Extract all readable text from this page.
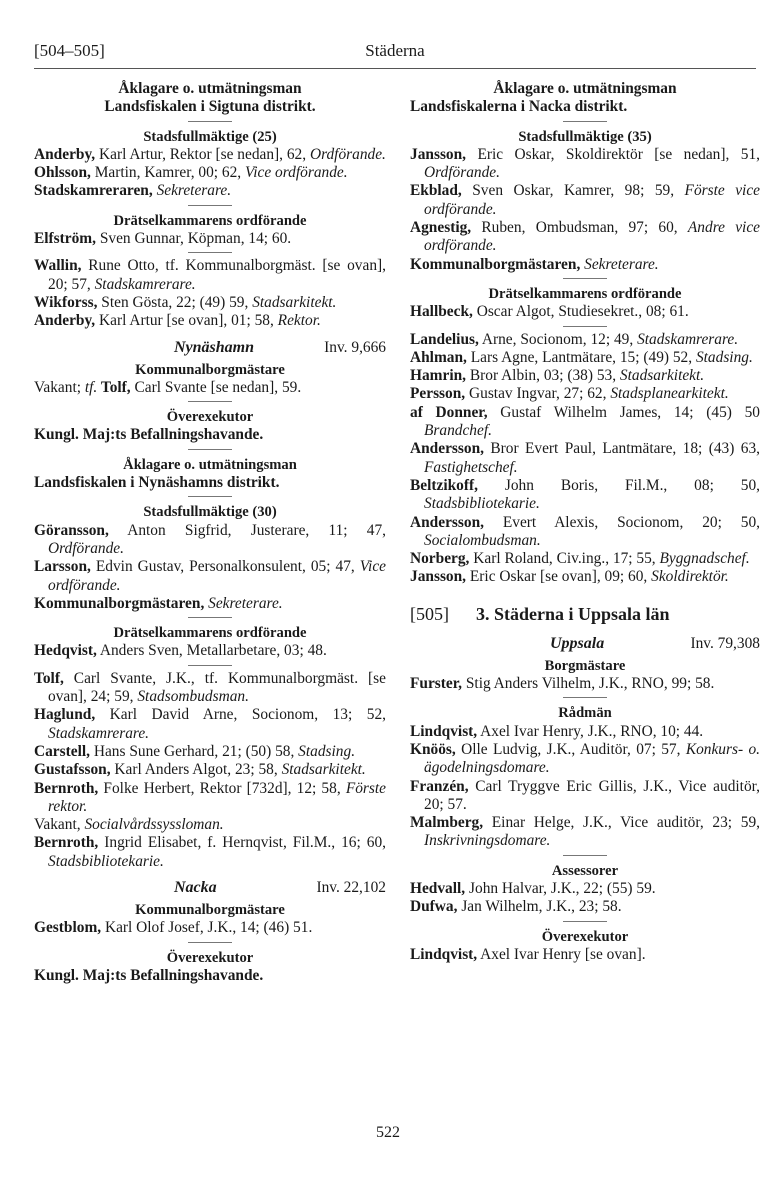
[504–505]	Städerna
Åklagare o. utmätningsman
Landsfiskalen i Sigtuna distrikt.
Stadsfullmäktige (25)
Anderby, Karl Artur, Rektor [se nedan], 62, Ordförande.
Ohlsson, Martin, Kamrer, 00; 62, Vice ordförande.
Stadskamreraren, Sekreterare.
Drätselkammarens ordförande
Elfström, Sven Gunnar, Köpman, 14; 60.
Wallin, Rune Otto, tf. Kommunalborgmäst. [se ovan], 20; 57, Stadskamrerare.
Wikforss, Sten Gösta, 22; (49) 59, Stadsarkitekt.
Anderby, Karl Artur [se ovan], 01; 58, Rektor.
Nynäshamn	Inv. 9,666
Kommunalborgmästare
Vakant; tf. Tolf, Carl Svante [se nedan], 59.
Överexekutor
Kungl. Maj:ts Befallningshavande.
Åklagare o. utmätningsman
Landsfiskalen i Nynäshamns distrikt.
Stadsfullmäktige (30)
Göransson, Anton Sigfrid, Justerare, 11; 47, Ordförande.
Larsson, Edvin Gustav, Personalkonsulent, 05; 47, Vice ordförande.
Kommunalborgmästaren, Sekreterare.
Drätselkammarens ordförande
Hedqvist, Anders Sven, Metallarbetare, 03; 48.
Tolf, Carl Svante, J.K., tf. Kommunalborgmäst. [se ovan], 24; 59, Stadsombudsman.
Haglund, Karl David Arne, Socionom, 13; 52, Stadskamrerare.
Carstell, Hans Sune Gerhard, 21; (50) 58, Stadsing.
Gustafsson, Karl Anders Algot, 23; 58, Stadsarkitekt.
Bernroth, Folke Herbert, Rektor [732d], 12; 58, Förste rektor.
Vakant, Socialvårdssyssloman.
Bernroth, Ingrid Elisabet, f. Hernqvist, Fil.M., 16; 60, Stadsbibliotekarie.
Nacka	Inv. 22,102
Kommunalborgmästare
Gestblom, Karl Olof Josef, J.K., 14; (46) 51.
Överexekutor
Kungl. Maj:ts Befallningshavande.
Åklagare o. utmätningsman
Landsfiskalerna i Nacka distrikt.
Stadsfullmäktige (35)
Jansson, Eric Oskar, Skoldirektör [se nedan], 51, Ordförande.
Ekblad, Sven Oskar, Kamrer, 98; 59, Förste vice ordförande.
Agnestig, Ruben, Ombudsman, 97; 60, Andre vice ordförande.
Kommunalborgmästaren, Sekreterare.
Drätselkammarens ordförande
Hallbeck, Oscar Algot, Studiesekret., 08; 61.
Landelius, Arne, Socionom, 12; 49, Stadskamrerare.
Ahlman, Lars Agne, Lantmätare, 15; (49) 52, Stadsing.
Hamrin, Bror Albin, 03; (38) 53, Stadsarkitekt.
Persson, Gustav Ingvar, 27; 62, Stadsplanearkitekt.
af Donner, Gustaf Wilhelm James, 14; (45) 50 Brandchef.
Andersson, Bror Evert Paul, Lantmätare, 18; (43) 63, Fastighetschef.
Beltzikoff, John Boris, Fil.M., 08; 50, Stadsbibliotekarie.
Andersson, Evert Alexis, Socionom, 20; 50, Socialombudsman.
Norberg, Karl Roland, Civ.ing., 17; 55, Byggnadschef.
Jansson, Eric Oskar [se ovan], 09; 60, Skoldirektör.
[505] 3. Städerna i Uppsala län
Uppsala	Inv. 79,308
Borgmästare
Furster, Stig Anders Vilhelm, J.K., RNO, 99; 58.
Rådmän
Lindqvist, Axel Ivar Henry, J.K., RNO, 10; 44.
Knöös, Olle Ludvig, J.K., Auditör, 07; 57, Konkurs- o. ägodelningsdomare.
Franzén, Carl Tryggve Eric Gillis, J.K., Vice auditör, 20; 57.
Malmberg, Einar Helge, J.K., Vice auditör, 23; 59, Inskrivningsdomare.
Assessorer
Hedvall, John Halvar, J.K., 22; (55) 59.
Dufwa, Jan Wilhelm, J.K., 23; 58.
Överexekutor
Lindqvist, Axel Ivar Henry [se ovan].
522
